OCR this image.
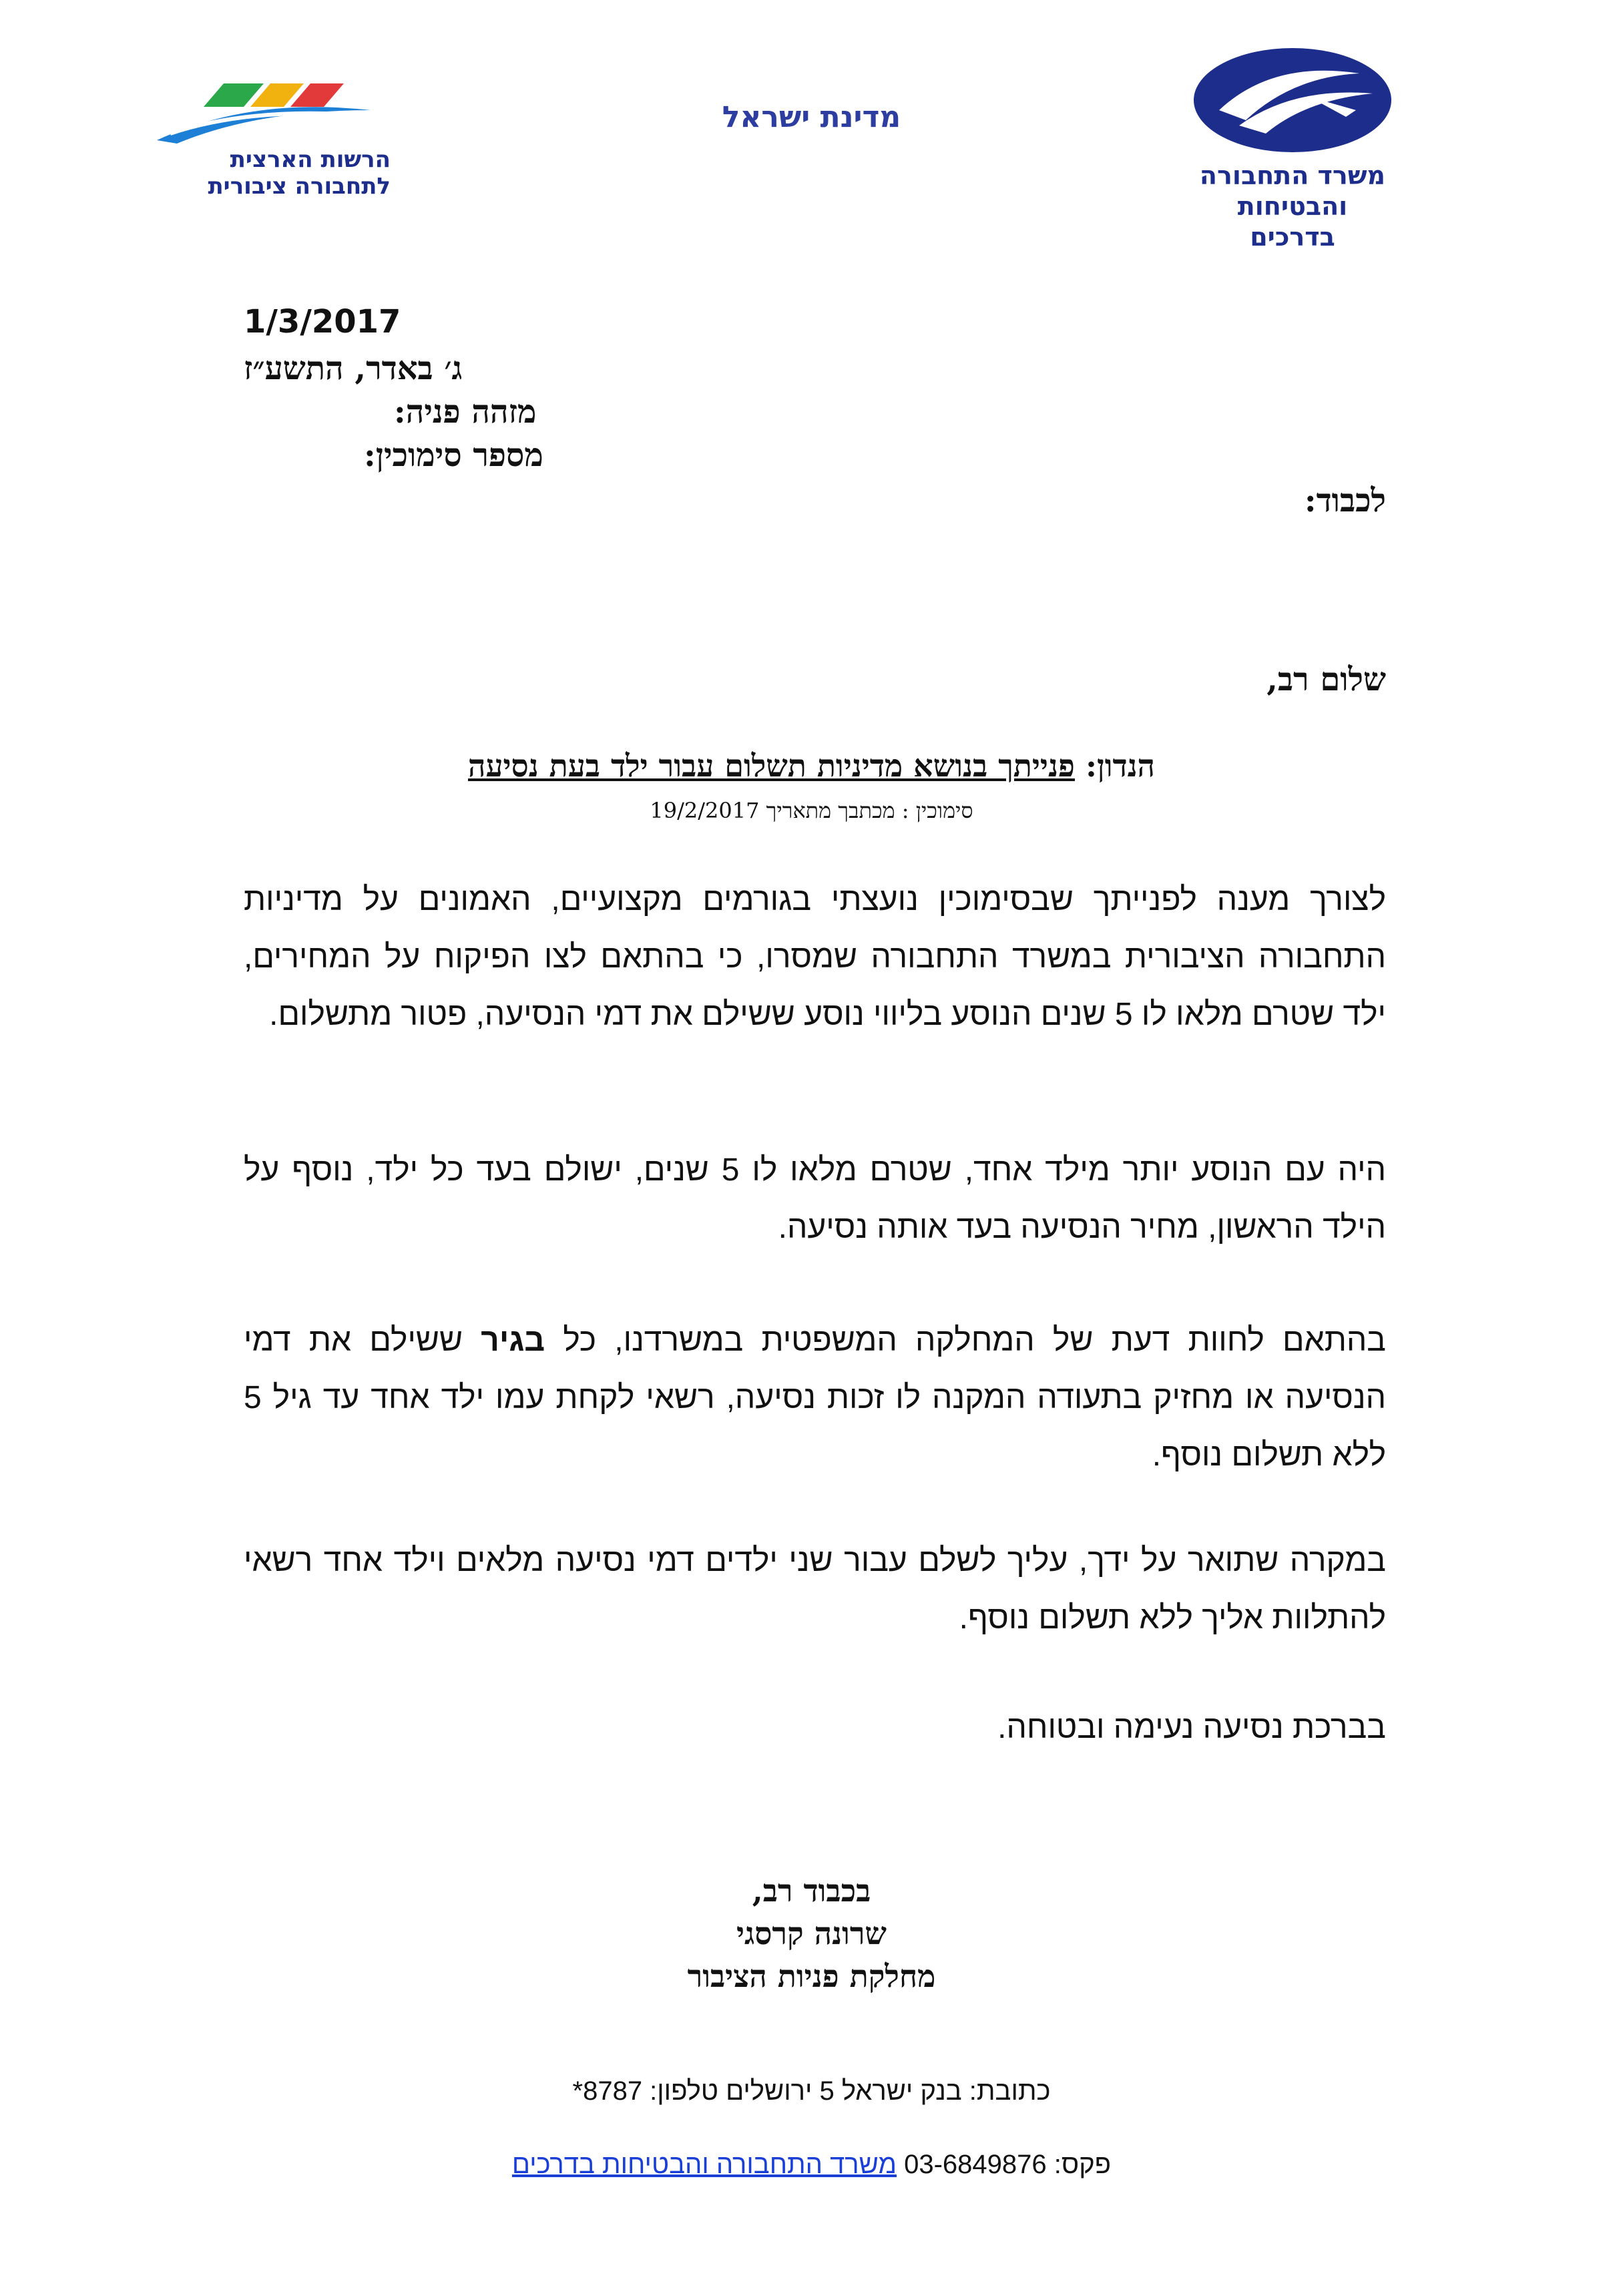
משרד התחבורה
והבטיחות בדרכים
מדינת ישראל
הרשות הארצית
לתחבורה ציבורית
1/3/2017
ג׳ באדר, התשע״ז
מזהה פניה:
מספר סימוכין:
לכבוד:
שלום רב,
הנדון: פנייתך בנושא מדיניות תשלום עבור ילד בעת נסיעה
סימוכין : מכתבך מתאריך 19/2/2017
לצורך מענה לפנייתך שבסימוכין נועצתי בגורמים מקצועיים, האמונים על מדיניות התחבורה הציבורית במשרד התחבורה שמסרו, כי בהתאם לצו הפיקוח על המחירים, ילד שטרם מלאו לו 5 שנים הנוסע בליווי נוסע ששילם את דמי הנסיעה, פטור מתשלום.
היה עם הנוסע יותר מילד אחד, שטרם מלאו לו 5 שנים, ישולם בעד כל ילד, נוסף על הילד הראשון, מחיר הנסיעה בעד אותה נסיעה.
בהתאם לחוות דעת של המחלקה המשפטית במשרדנו, כל בגיר ששילם את דמי הנסיעה או מחזיק בתעודה המקנה לו זכות נסיעה, רשאי לקחת עמו ילד אחד עד גיל 5 ללא תשלום נוסף.
במקרה שתואר על ידך, עליך לשלם עבור שני ילדים דמי נסיעה מלאים וילד אחד רשאי להתלוות אליך ללא תשלום נוסף.
בברכת נסיעה נעימה ובטוחה.
בכבוד רב,
שרונה קרסגי
מחלקת פניות הציבור
כתובת: בנק ישראל 5 ירושלים טלפון: 8787*
פקס: 03-6849876 משרד התחבורה והבטיחות בדרכים
